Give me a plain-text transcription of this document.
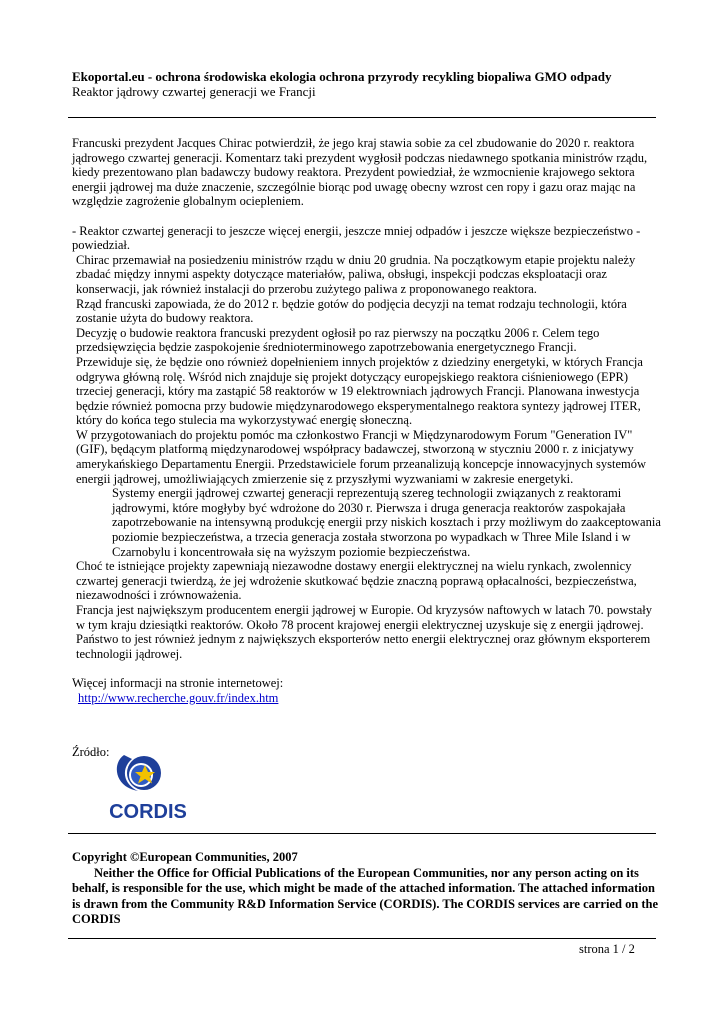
Ekoportal.eu - ochrona środowiska ekologia ochrona przyrody recykling biopaliwa GMO odpady
Reaktor jądrowy czwartej generacji we Francji

Francuski prezydent Jacques Chirac potwierdził, że jego kraj stawia sobie za cel zbudowanie do 2020 r. reaktora jądrowego czwartej generacji. Komentarz taki prezydent wygłosił podczas niedawnego spotkania ministrów rządu, kiedy prezentowano plan badawczy budowy reaktora. Prezydent powiedział, że wzmocnienie krajowego sektora energii jądrowej ma duże znaczenie, szczególnie biorąc pod uwagę obecny wzrost cen ropy i gazu oraz mając na względzie zagrożenie globalnym ociepleniem.

- Reaktor czwartej generacji to jeszcze więcej energii, jeszcze mniej odpadów i jeszcze większe bezpieczeństwo - powiedział.

Chirac przemawiał na posiedzeniu ministrów rządu w dniu 20 grudnia. Na początkowym etapie projektu należy zbadać między innymi aspekty dotyczące materiałów, paliwa, obsługi, inspekcji podczas eksploatacji oraz konserwacji, jak również instalacji do przerobu zużytego paliwa z proponowanego reaktora.

Rząd francuski zapowiada, że do 2012 r. będzie gotów do podjęcia decyzji na temat rodzaju technologii, która zostanie użyta do budowy reaktora.

Decyzję o budowie reaktora francuski prezydent ogłosił po raz pierwszy na początku 2006 r. Celem tego przedsięwzięcia będzie zaspokojenie średnioterminowego zapotrzebowania energetycznego Francji.

Przewiduje się, że będzie ono również dopełnieniem innych projektów z dziedziny energetyki, w których Francja odgrywa główną rolę. Wśród nich znajduje się projekt dotyczący europejskiego reaktora ciśnieniowego (EPR) trzeciej generacji, który ma zastąpić 58 reaktorów w 19 elektrowniach jądrowych Francji. Planowana inwestycja będzie również pomocna przy budowie międzynarodowego eksperymentalnego reaktora syntezy jądrowej ITER, który do końca tego stulecia ma wykorzystywać energię słoneczną.

W przygotowaniach do projektu pomóc ma członkostwo Francji w Międzynarodowym Forum "Generation IV" (GIF), będącym platformą międzynarodowej współpracy badawczej, stworzoną w styczniu 2000 r. z inicjatywy amerykańskiego Departamentu Energii. Przedstawiciele forum przeanalizują koncepcje innowacyjnych systemów energii jądrowej, umożliwiających zmierzenie się z przyszłymi wyzwaniami w zakresie energetyki.

Systemy energii jądrowej czwartej generacji reprezentują szereg technologii związanych z reaktorami jądrowymi, które mogłyby być wdrożone do 2030 r. Pierwsza i druga generacja reaktorów zaspokajała zapotrzebowanie na intensywną produkcję energii przy niskich kosztach i przy możliwym do zaakceptowania poziomie bezpieczeństwa, a trzecia generacja została stworzona po wypadkach w Three Mile Island i w Czarnobylu i koncentrowała się na wyższym poziomie bezpieczeństwa.

Choć te istniejące projekty zapewniają niezawodne dostawy energii elektrycznej na wielu rynkach, zwolennicy czwartej generacji twierdzą, że jej wdrożenie skutkować będzie znaczną poprawą opłacalności, bezpieczeństwa, niezawodności i zrównoważenia.

Francja jest największym producentem energii jądrowej w Europie. Od kryzysów naftowych w latach 70. powstały w tym kraju dziesiątki reaktorów. Około 78 procent krajowej energii elektrycznej uzyskuje się z energii jądrowej. Państwo to jest również jednym z największych eksporterów netto energii elektrycznej oraz głównym eksporterem technologii jądrowej.

Więcej informacji na stronie internetowej:

http://www.recherche.gouv.fr/index.htm

Źródło:
CORDIS

Copyright ©European Communities, 2007

Neither the Office for Official Publications of the European Communities, nor any person acting on its behalf, is responsible for the use, which might be made of the attached information. The attached information is drawn from the Community R&D Information Service (CORDIS). The CORDIS services are carried on the CORDIS

strona 1 / 2
